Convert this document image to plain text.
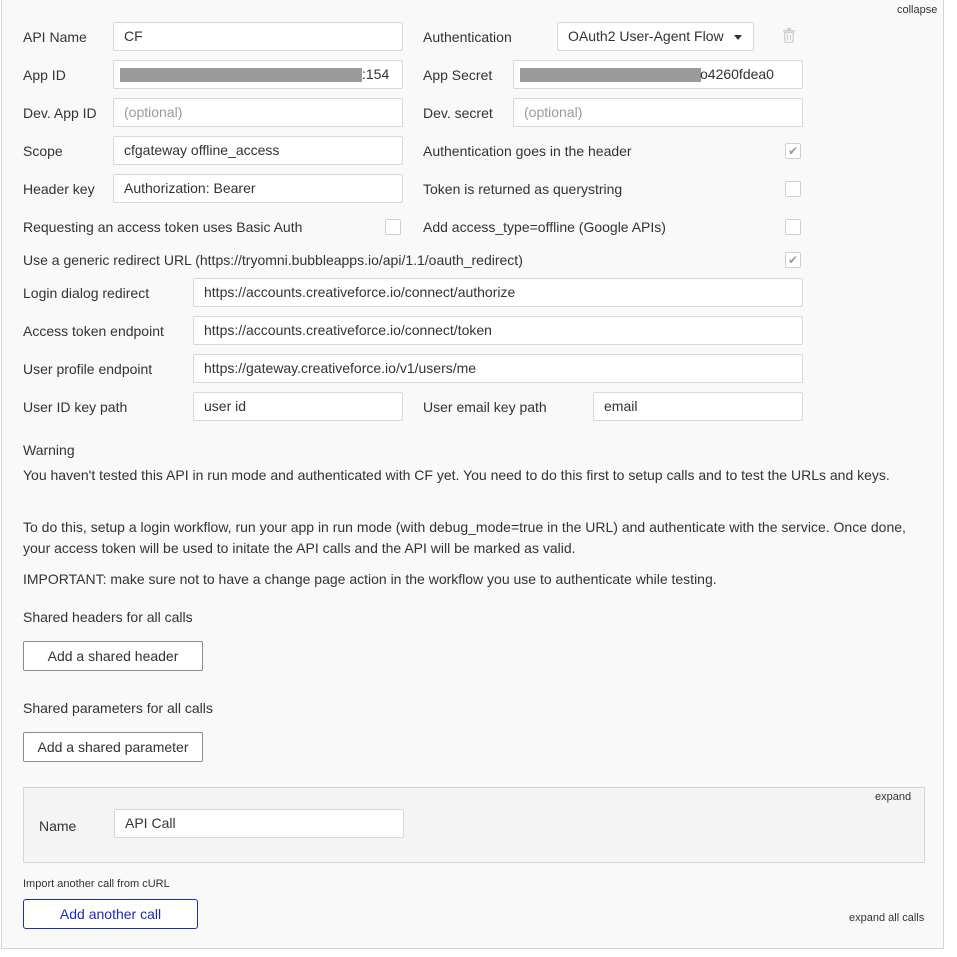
collapse
API Name	CF	Authentication	OAuth2 User-Agent Flow
App ID	:154 App Secret	o4260fdea0
Dev. App ID	(optional)	Dev. secret	(optional)
Scope	cfgateway offline_access	Authentication goes in the header	✔
Header key	Authorization: Bearer	Token is returned as querystring
Requesting an access token uses Basic Auth	Add access_type=offline (Google APIs)
Use a generic redirect URL (https://tryomni.bubbleapps.io/api/1.1/oauth_redirect)	✔
Login dialog redirect	https://accounts.creativeforce.io/connect/authorize
Access token endpoint	https://accounts.creativeforce.io/connect/token
User profile endpoint	https://gateway.creativeforce.io/v1/users/me
User ID key path	user id	User email key path	email
Warning
You haven't tested this API in run mode and authenticated with CF yet. You need to do this first to setup calls and to test the URLs and keys.
To do this, setup a login workflow, run your app in run mode (with debug_mode=true in the URL) and authenticate with the service. Once done, your access token will be used to initate the API calls and the API will be marked as valid.
IMPORTANT: make sure not to have a change page action in the workflow you use to authenticate while testing.
Shared headers for all calls
Add a shared header
Shared parameters for all calls
Add a shared parameter
expand
Name	API Call
Import another call from cURL
Add another call	expand all calls
